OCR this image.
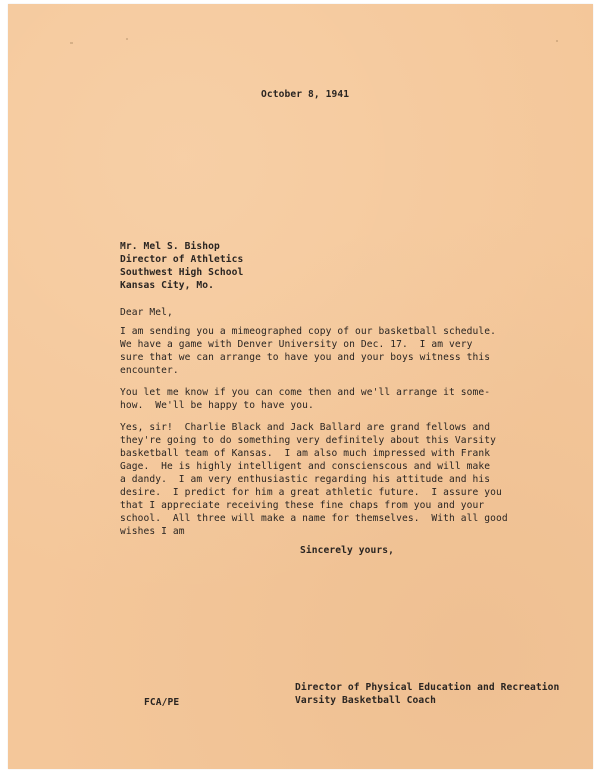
October 8, 1941
Mr. Mel S. Bishop
Director of Athletics
Southwest High School
Kansas City, Mo.
Dear Mel,
I am sending you a mimeographed copy of our basketball schedule.
We have a game with Denver University on Dec. 17.  I am very
sure that we can arrange to have you and your boys witness this
encounter.
You let me know if you can come then and we'll arrange it some-
how.  We'll be happy to have you.
Yes, sir!  Charlie Black and Jack Ballard are grand fellows and
they're going to do something very definitely about this Varsity
basketball team of Kansas.  I am also much impressed with Frank
Gage.  He is highly intelligent and conscienscous and will make
a dandy.  I am very enthusiastic regarding his attitude and his
desire.  I predict for him a great athletic future.  I assure you
that I appreciate receiving these fine chaps from you and your
school.  All three will make a name for themselves.  With all good
wishes I am
Sincerely yours,
Director of Physical Education and Recreation
Varsity Basketball Coach
FCA/PE
